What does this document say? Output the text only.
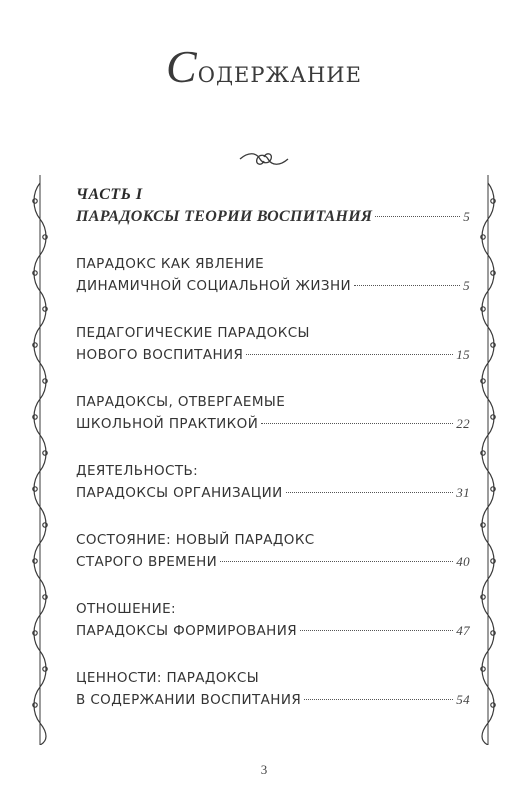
Содержание
ЧАСТЬ I
ПАРАДОКСЫ ТЕОРИИ ВОСПИТАНИЯ	5
ПАРАДОКС КАК ЯВЛЕНИЕ
ДИНАМИЧНОЙ СОЦИАЛЬНОЙ ЖИЗНИ	5
ПЕДАГОГИЧЕСКИЕ ПАРАДОКСЫ
НОВОГО ВОСПИТАНИЯ	15
ПАРАДОКСЫ, ОТВЕРГАЕМЫЕ
ШКОЛЬНОЙ ПРАКТИКОЙ	22
ДЕЯТЕЛЬНОСТЬ:
ПАРАДОКСЫ ОРГАНИЗАЦИИ	31
СОСТОЯНИЕ: НОВЫЙ ПАРАДОКС
СТАРОГО ВРЕМЕНИ	40
ОТНОШЕНИЕ:
ПАРАДОКСЫ ФОРМИРОВАНИЯ	47
ЦЕННОСТИ: ПАРАДОКСЫ
В СОДЕРЖАНИИ ВОСПИТАНИЯ	54
3
